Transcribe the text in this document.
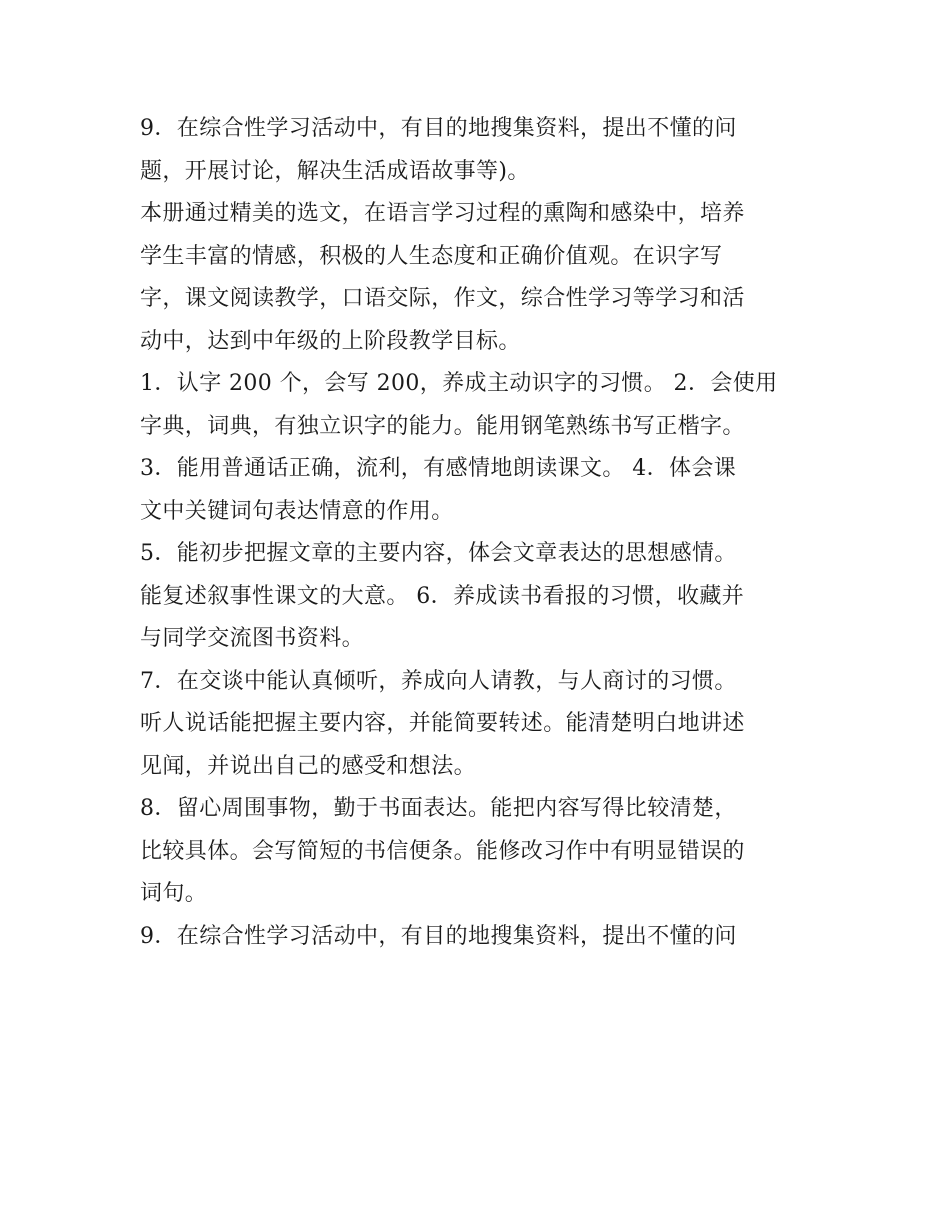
9．在综合性学习活动中，有目的地搜集资料，提出不懂的问

题，开展讨论，解决生活成语故事等)。

本册通过精美的选文，在语言学习过程的熏陶和感染中，培养

学生丰富的情感，积极的人生态度和正确价值观。在识字写

字，课文阅读教学，口语交际，作文，综合性学习等学习和活

动中，达到中年级的上阶段教学目标。

1．认字 200 个，会写 200，养成主动识字的习惯。 2．会使用

字典，词典，有独立识字的能力。能用钢笔熟练书写正楷字。

3．能用普通话正确，流利，有感情地朗读课文。 4．体会课

文中关键词句表达情意的作用。

5．能初步把握文章的主要内容，体会文章表达的思想感情。

能复述叙事性课文的大意。 6．养成读书看报的习惯，收藏并

与同学交流图书资料。

7．在交谈中能认真倾听，养成向人请教，与人商讨的习惯。

听人说话能把握主要内容，并能简要转述。能清楚明白地讲述

见闻，并说出自己的感受和想法。

8．留心周围事物，勤于书面表达。能把内容写得比较清楚，

比较具体。会写简短的书信便条。能修改习作中有明显错误的

词句。

9．在综合性学习活动中，有目的地搜集资料，提出不懂的问
